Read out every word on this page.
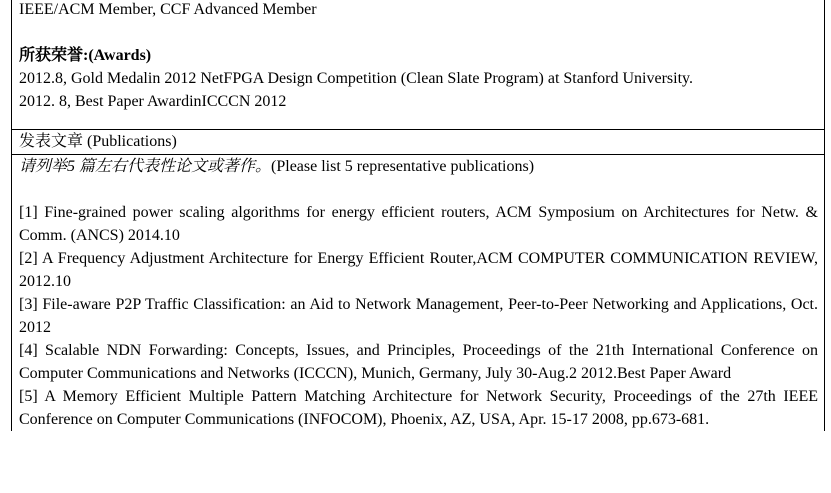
IEEE/ACM Member, CCF Advanced Member

所获荣誉:(Awards)

2012.8, Gold Medalin 2012 NetFPGA Design Competition (Clean Slate Program) at Stanford University.

2012. 8, Best Paper AwardinICCCN 2012

发表文章 (Publications)

请列举5 篇左右代表性论文或著作。(Please list 5 representative publications)

[1] Fine-grained power scaling algorithms for energy efficient routers, ACM Symposium on Architectures for Netw. & Comm. (ANCS) 2014.10

[2] A Frequency Adjustment Architecture for Energy Efficient Router,ACM COMPUTER COMMUNICATION REVIEW, 2012.10

[3] File-aware P2P Traffic Classification: an Aid to Network Management, Peer-to-Peer Networking and Applications, Oct. 2012

[4] Scalable NDN Forwarding: Concepts, Issues, and Principles, Proceedings of the 21th International Conference on Computer Communications and Networks (ICCCN), Munich, Germany, July 30-Aug.2 2012.Best Paper Award

[5] A Memory Efficient Multiple Pattern Matching Architecture for Network Security, Proceedings of the 27th IEEE Conference on Computer Communications (INFOCOM), Phoenix, AZ, USA, Apr. 15-17 2008, pp.673-681.
